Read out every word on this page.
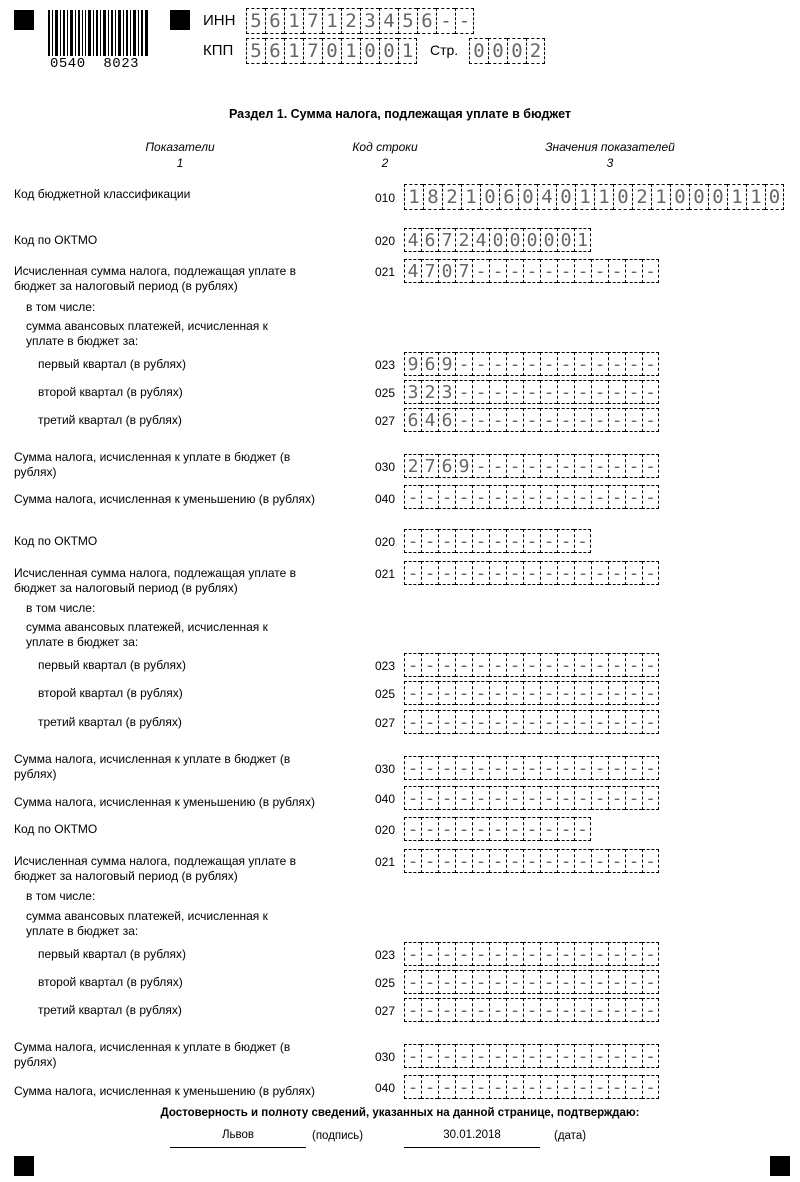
0540  8023
ИНН 5 6 1 7 1 2 3 4 5 6 - -
КПП 5 6 1 7 0 1 0 0 1 Стр. 0 0 0 2
Раздел 1. Сумма налога, подлежащая уплате в бюджет
Показатели
1
Код строки
2
Значения показателей
3
Код бюджетной классификации	010 1 8 2 1 0 6 0 4 0 1 1 0 2 1 0 0 0 1 1 0
Код по ОКТМО	020 4 6 7 2 4 0 0 0 0 0 1
Исчисленная сумма налога, подлежащая уплате в бюджет за налоговый период (в рублях)
021 4 7 0 7 - - - - - - - - - - -
в том числе:
сумма авансовых платежей, исчисленная к уплате в бюджет за:
первый квартал (в рублях)	023 9 6 9 - - - - - - - - - - - -
второй квартал (в рублях)	025 3 2 3 - - - - - - - - - - - -
третий квартал (в рублях)	027 6 4 6 - - - - - - - - - - - -
Сумма налога, исчисленная к уплате в бюджет (в рублях)	030 2 7 6 9 - - - - - - - - - - -
Сумма налога, исчисленная к уменьшению (в рублях)	040 - - - - - - - - - - - - - - -
Код по ОКТМО	020 - - - - - - - - - - -
Исчисленная сумма налога, подлежащая уплате в бюджет за налоговый период (в рублях)
021 - - - - - - - - - - - - - - -
в том числе:
сумма авансовых платежей, исчисленная к уплате в бюджет за:
первый квартал (в рублях)	023 - - - - - - - - - - - - - - -
второй квартал (в рублях)	025 - - - - - - - - - - - - - - -
третий квартал (в рублях)	027 - - - - - - - - - - - - - - -
Сумма налога, исчисленная к уплате в бюджет (в рублях)	030 - - - - - - - - - - - - - - -
Сумма налога, исчисленная к уменьшению (в рублях)	040 - - - - - - - - - - - - - - -
Код по ОКТМО	020 - - - - - - - - - - -
Исчисленная сумма налога, подлежащая уплате в бюджет за налоговый период (в рублях)
021 - - - - - - - - - - - - - - -
в том числе:
сумма авансовых платежей, исчисленная к уплате в бюджет за:
первый квартал (в рублях)	023 - - - - - - - - - - - - - - -
второй квартал (в рублях)	025 - - - - - - - - - - - - - - -
третий квартал (в рублях)	027 - - - - - - - - - - - - - - -
Сумма налога, исчисленная к уплате в бюджет (в рублях)	030 - - - - - - - - - - - - - - -
Сумма налога, исчисленная к уменьшению (в рублях)	040 - - - - - - - - - - - - - - -
Достоверность и полноту сведений, указанных на данной странице, подтверждаю:
Львов	(подпись)	30.01.2018	(дата)
